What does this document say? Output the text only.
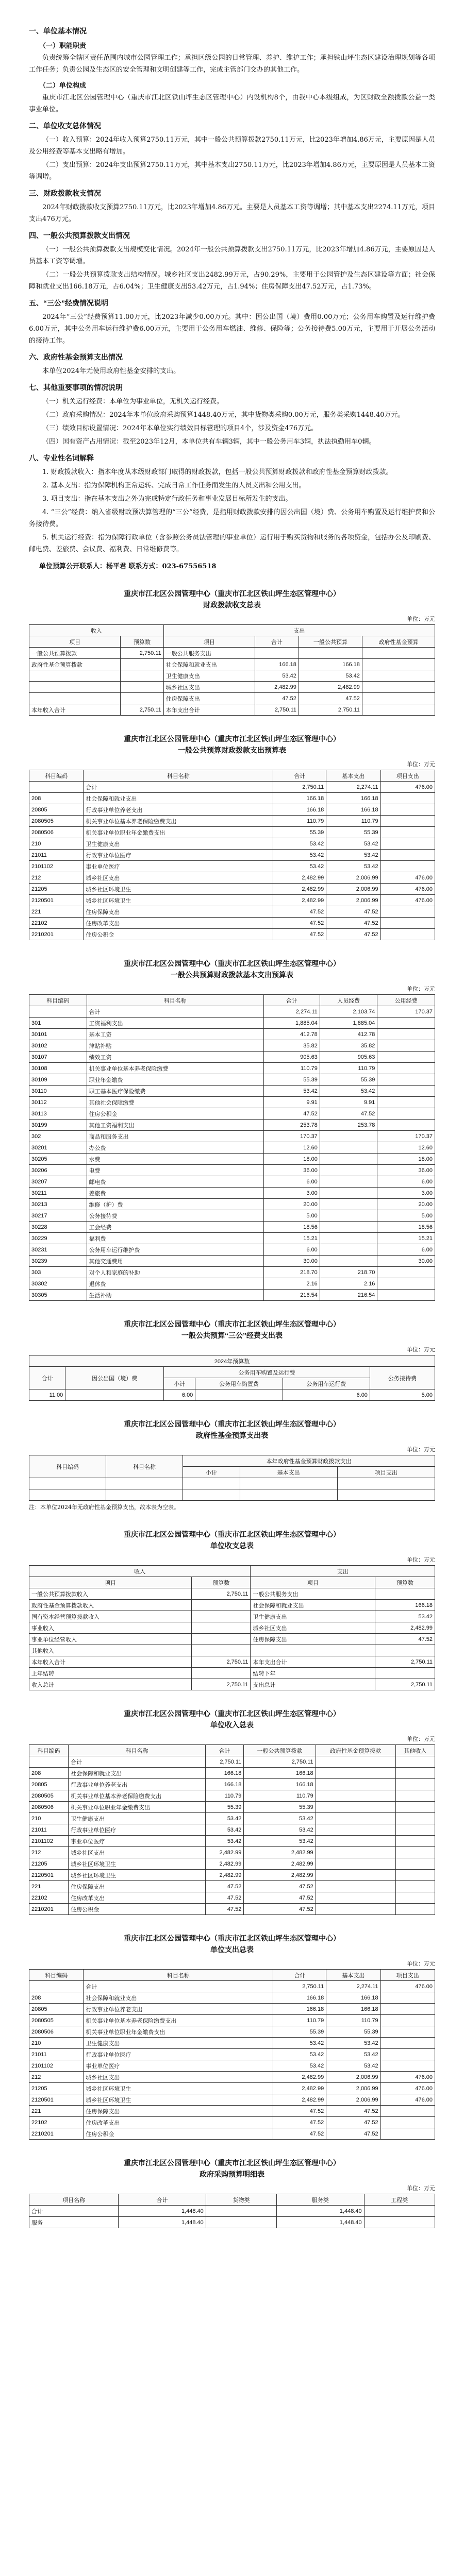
一、单位基本情况
（一）职能职责

负责统筹全辖区责任范围内城市公园管理工作；承担区级公园的日常管理、养护、维护工作；承担铁山坪生态区建设治理规划等各项工作任务；负责公园及生态区的安全管理和文明创建等工作，完成主管部门交办的其他工作。

（二）单位构成

重庆市江北区公园管理中心（重庆市江北区铁山坪生态区管理中心）内设机构8个，由我中心本级组成，为区财政全额拨款公益一类事业单位。

二、单位收支总体情况

（一）收入预算：2024年收入预算2750.11万元，其中一般公共预算拨款2750.11万元，比2023年增加4.86万元，主要原因是人员及公用经费等基本支出略有增加。

（二）支出预算：2024年支出预算2750.11万元，其中基本支出2750.11万元，比2023年增加4.86万元，主要原因是人员基本工资等调增。

三、财政拨款收支情况

2024年财政拨款收支预算2750.11万元，比2023年增加4.86万元。主要是人员基本工资等调增；其中基本支出2274.11万元，项目支出476万元。

四、一般公共预算拨款支出情况

（一）一般公共预算拨款支出规模变化情况。2024年一般公共预算拨款支出2750.11万元，比2023年增加4.86万元，主要原因是人员基本工资等调增。

（二）一般公共预算拨款支出结构情况。城乡社区支出2482.99万元，占90.29%，主要用于公园管护及生态区建设等方面；社会保障和就业支出166.18万元，占6.04%；卫生健康支出53.42万元，占1.94%；住房保障支出47.52万元，占1.73%。

五、“三公”经费情况说明

2024年“三公”经费预算11.00万元，比2023年减少0.00万元。其中：因公出国（境）费用0.00万元；公务用车购置及运行维护费6.00万元，其中公务用车运行维护费6.00万元，主要用于公务用车燃油、维修、保险等；公务接待费5.00万元，主要用于开展公务活动的接待工作。

六、政府性基金预算支出情况

本单位2024年无使用政府性基金安排的支出。

七、其他重要事项的情况说明

（一）机关运行经费：本单位为事业单位，无机关运行经费。

（二）政府采购情况：2024年本单位政府采购预算1448.40万元，其中货物类采购0.00万元，服务类采购1448.40万元。

（三）绩效目标设置情况：2024年本单位实行绩效目标管理的项目4个，涉及资金476万元。

（四）国有资产占用情况：截至2023年12月，本单位共有车辆3辆，其中一般公务用车3辆，执法执勤用车0辆。

八、专业性名词解释

1. 财政拨款收入：指本年度从本级财政部门取得的财政拨款，包括一般公共预算财政拨款和政府性基金预算财政拨款。

2. 基本支出：指为保障机构正常运转、完成日常工作任务而发生的人员支出和公用支出。

3. 项目支出：指在基本支出之外为完成特定行政任务和事业发展目标所发生的支出。

4. “三公”经费：纳入省级财政预决算管理的“三公”经费，是指用财政拨款安排的因公出国（境）费、公务用车购置及运行维护费和公务接待费。

5. 机关运行经费：指为保障行政单位（含参照公务员法管理的事业单位）运行用于购买货物和服务的各项资金，包括办公及印刷费、邮电费、差旅费、会议费、福利费、日常维修费等。

单位预算公开联系人：杨平君 联系方式：023-67556518
重庆市江北区公园管理中心（重庆市江北区铁山坪生态区管理中心）
财政拨款收支总表
单位：万元
收入		支出			
项目	预算数	项目	合计	一般公共预算	政府性基金预算
一般公共预算拨款	2,750.11	一般公共服务支出			
政府性基金预算拨款		社会保障和就业支出	166.18	166.18	
		卫生健康支出	53.42	53.42	
		城乡社区支出	2,482.99	2,482.99	
		住房保障支出	47.52	47.52	
本年收入合计	2,750.11	本年支出合计	2,750.11	2,750.11	
重庆市江北区公园管理中心（重庆市江北区铁山坪生态区管理中心）
一般公共预算财政拨款支出预算表
单位：万元
科目编码	科目名称	合计	基本支出	项目支出
	合计	2,750.11	2,274.11	476.00
208	社会保障和就业支出	166.18	166.18	
20805	行政事业单位养老支出	166.18	166.18	
2080505	机关事业单位基本养老保险缴费支出	110.79	110.79	
2080506	机关事业单位职业年金缴费支出	55.39	55.39	
210	卫生健康支出	53.42	53.42	
21011	行政事业单位医疗	53.42	53.42	
2101102	事业单位医疗	53.42	53.42	
212	城乡社区支出	2,482.99	2,006.99	476.00
21205	城乡社区环境卫生	2,482.99	2,006.99	476.00
2120501	城乡社区环境卫生	2,482.99	2,006.99	476.00
221	住房保障支出	47.52	47.52	
22102	住房改革支出	47.52	47.52	
2210201	住房公积金	47.52	47.52	
重庆市江北区公园管理中心（重庆市江北区铁山坪生态区管理中心）
一般公共预算财政拨款基本支出预算表
单位：万元
科目编码	科目名称	合计	人员经费	公用经费
	合计	2,274.11	2,103.74	170.37
301	工资福利支出	1,885.04	1,885.04	
30101	基本工资	412.78	412.78	
30102	津贴补贴	35.82	35.82	
30107	绩效工资	905.63	905.63	
30108	机关事业单位基本养老保险缴费	110.79	110.79	
30109	职业年金缴费	55.39	55.39	
30110	职工基本医疗保险缴费	53.42	53.42	
30112	其他社会保障缴费	9.91	9.91	
30113	住房公积金	47.52	47.52	
30199	其他工资福利支出	253.78	253.78	
302	商品和服务支出	170.37		170.37
30201	办公费	12.60		12.60
30205	水费	18.00		18.00
30206	电费	36.00		36.00
30207	邮电费	6.00		6.00
30211	差旅费	3.00		3.00
30213	维修（护）费	20.00		20.00
30217	公务接待费	5.00		5.00
30228	工会经费	18.56		18.56
30229	福利费	15.21		15.21
30231	公务用车运行维护费	6.00		6.00
30239	其他交通费用	30.00		30.00
303	对个人和家庭的补助	218.70	218.70	
30302	退休费	2.16	2.16	
30305	生活补助	216.54	216.54	
重庆市江北区公园管理中心（重庆市江北区铁山坪生态区管理中心）
一般公共预算“三公”经费支出表
单位：万元
2024年预算数					
合计	因公出国（境）费	公务用车购置及运行费			公务接待费
		小计	公务用车购置费	公务用车运行费	
11.00		6.00		6.00	5.00
重庆市江北区公园管理中心（重庆市江北区铁山坪生态区管理中心）
政府性基金预算支出表
单位：万元
科目编码	科目名称	本年政府性基金预算财政拨款支出		
		小计	基本支出	项目支出

注：本单位2024年无政府性基金预算支出，故本表为空表。
重庆市江北区公园管理中心（重庆市江北区铁山坪生态区管理中心）
单位收支总表
单位：万元
收入		支出	
项目	预算数	项目	预算数
一般公共预算拨款收入	2,750.11	一般公共服务支出	
政府性基金预算拨款收入		社会保障和就业支出	166.18
国有资本经营预算拨款收入		卫生健康支出	53.42
事业收入		城乡社区支出	2,482.99
事业单位经营收入		住房保障支出	47.52
其他收入			
本年收入合计	2,750.11	本年支出合计	2,750.11
上年结转		结转下年	
收入总计	2,750.11	支出总计	2,750.11
重庆市江北区公园管理中心（重庆市江北区铁山坪生态区管理中心）
单位收入总表
单位：万元
科目编码	科目名称	合计	一般公共预算拨款	政府性基金预算拨款	其他收入
	合计	2,750.11	2,750.11		
208	社会保障和就业支出	166.18	166.18		
20805	行政事业单位养老支出	166.18	166.18		
2080505	机关事业单位基本养老保险缴费支出	110.79	110.79		
2080506	机关事业单位职业年金缴费支出	55.39	55.39		
210	卫生健康支出	53.42	53.42		
21011	行政事业单位医疗	53.42	53.42		
2101102	事业单位医疗	53.42	53.42		
212	城乡社区支出	2,482.99	2,482.99		
21205	城乡社区环境卫生	2,482.99	2,482.99		
2120501	城乡社区环境卫生	2,482.99	2,482.99		
221	住房保障支出	47.52	47.52		
22102	住房改革支出	47.52	47.52		
2210201	住房公积金	47.52	47.52		
重庆市江北区公园管理中心（重庆市江北区铁山坪生态区管理中心）
单位支出总表
单位：万元
科目编码	科目名称	合计	基本支出	项目支出
	合计	2,750.11	2,274.11	476.00
208	社会保障和就业支出	166.18	166.18	
20805	行政事业单位养老支出	166.18	166.18	
2080505	机关事业单位基本养老保险缴费支出	110.79	110.79	
2080506	机关事业单位职业年金缴费支出	55.39	55.39	
210	卫生健康支出	53.42	53.42	
21011	行政事业单位医疗	53.42	53.42	
2101102	事业单位医疗	53.42	53.42	
212	城乡社区支出	2,482.99	2,006.99	476.00
21205	城乡社区环境卫生	2,482.99	2,006.99	476.00
2120501	城乡社区环境卫生	2,482.99	2,006.99	476.00
221	住房保障支出	47.52	47.52	
22102	住房改革支出	47.52	47.52	
2210201	住房公积金	47.52	47.52	
重庆市江北区公园管理中心（重庆市江北区铁山坪生态区管理中心）
政府采购预算明细表
单位：万元
项目名称	合计	货物类	服务类	工程类
合计	1,448.40		1,448.40	
服务	1,448.40		1,448.40	
